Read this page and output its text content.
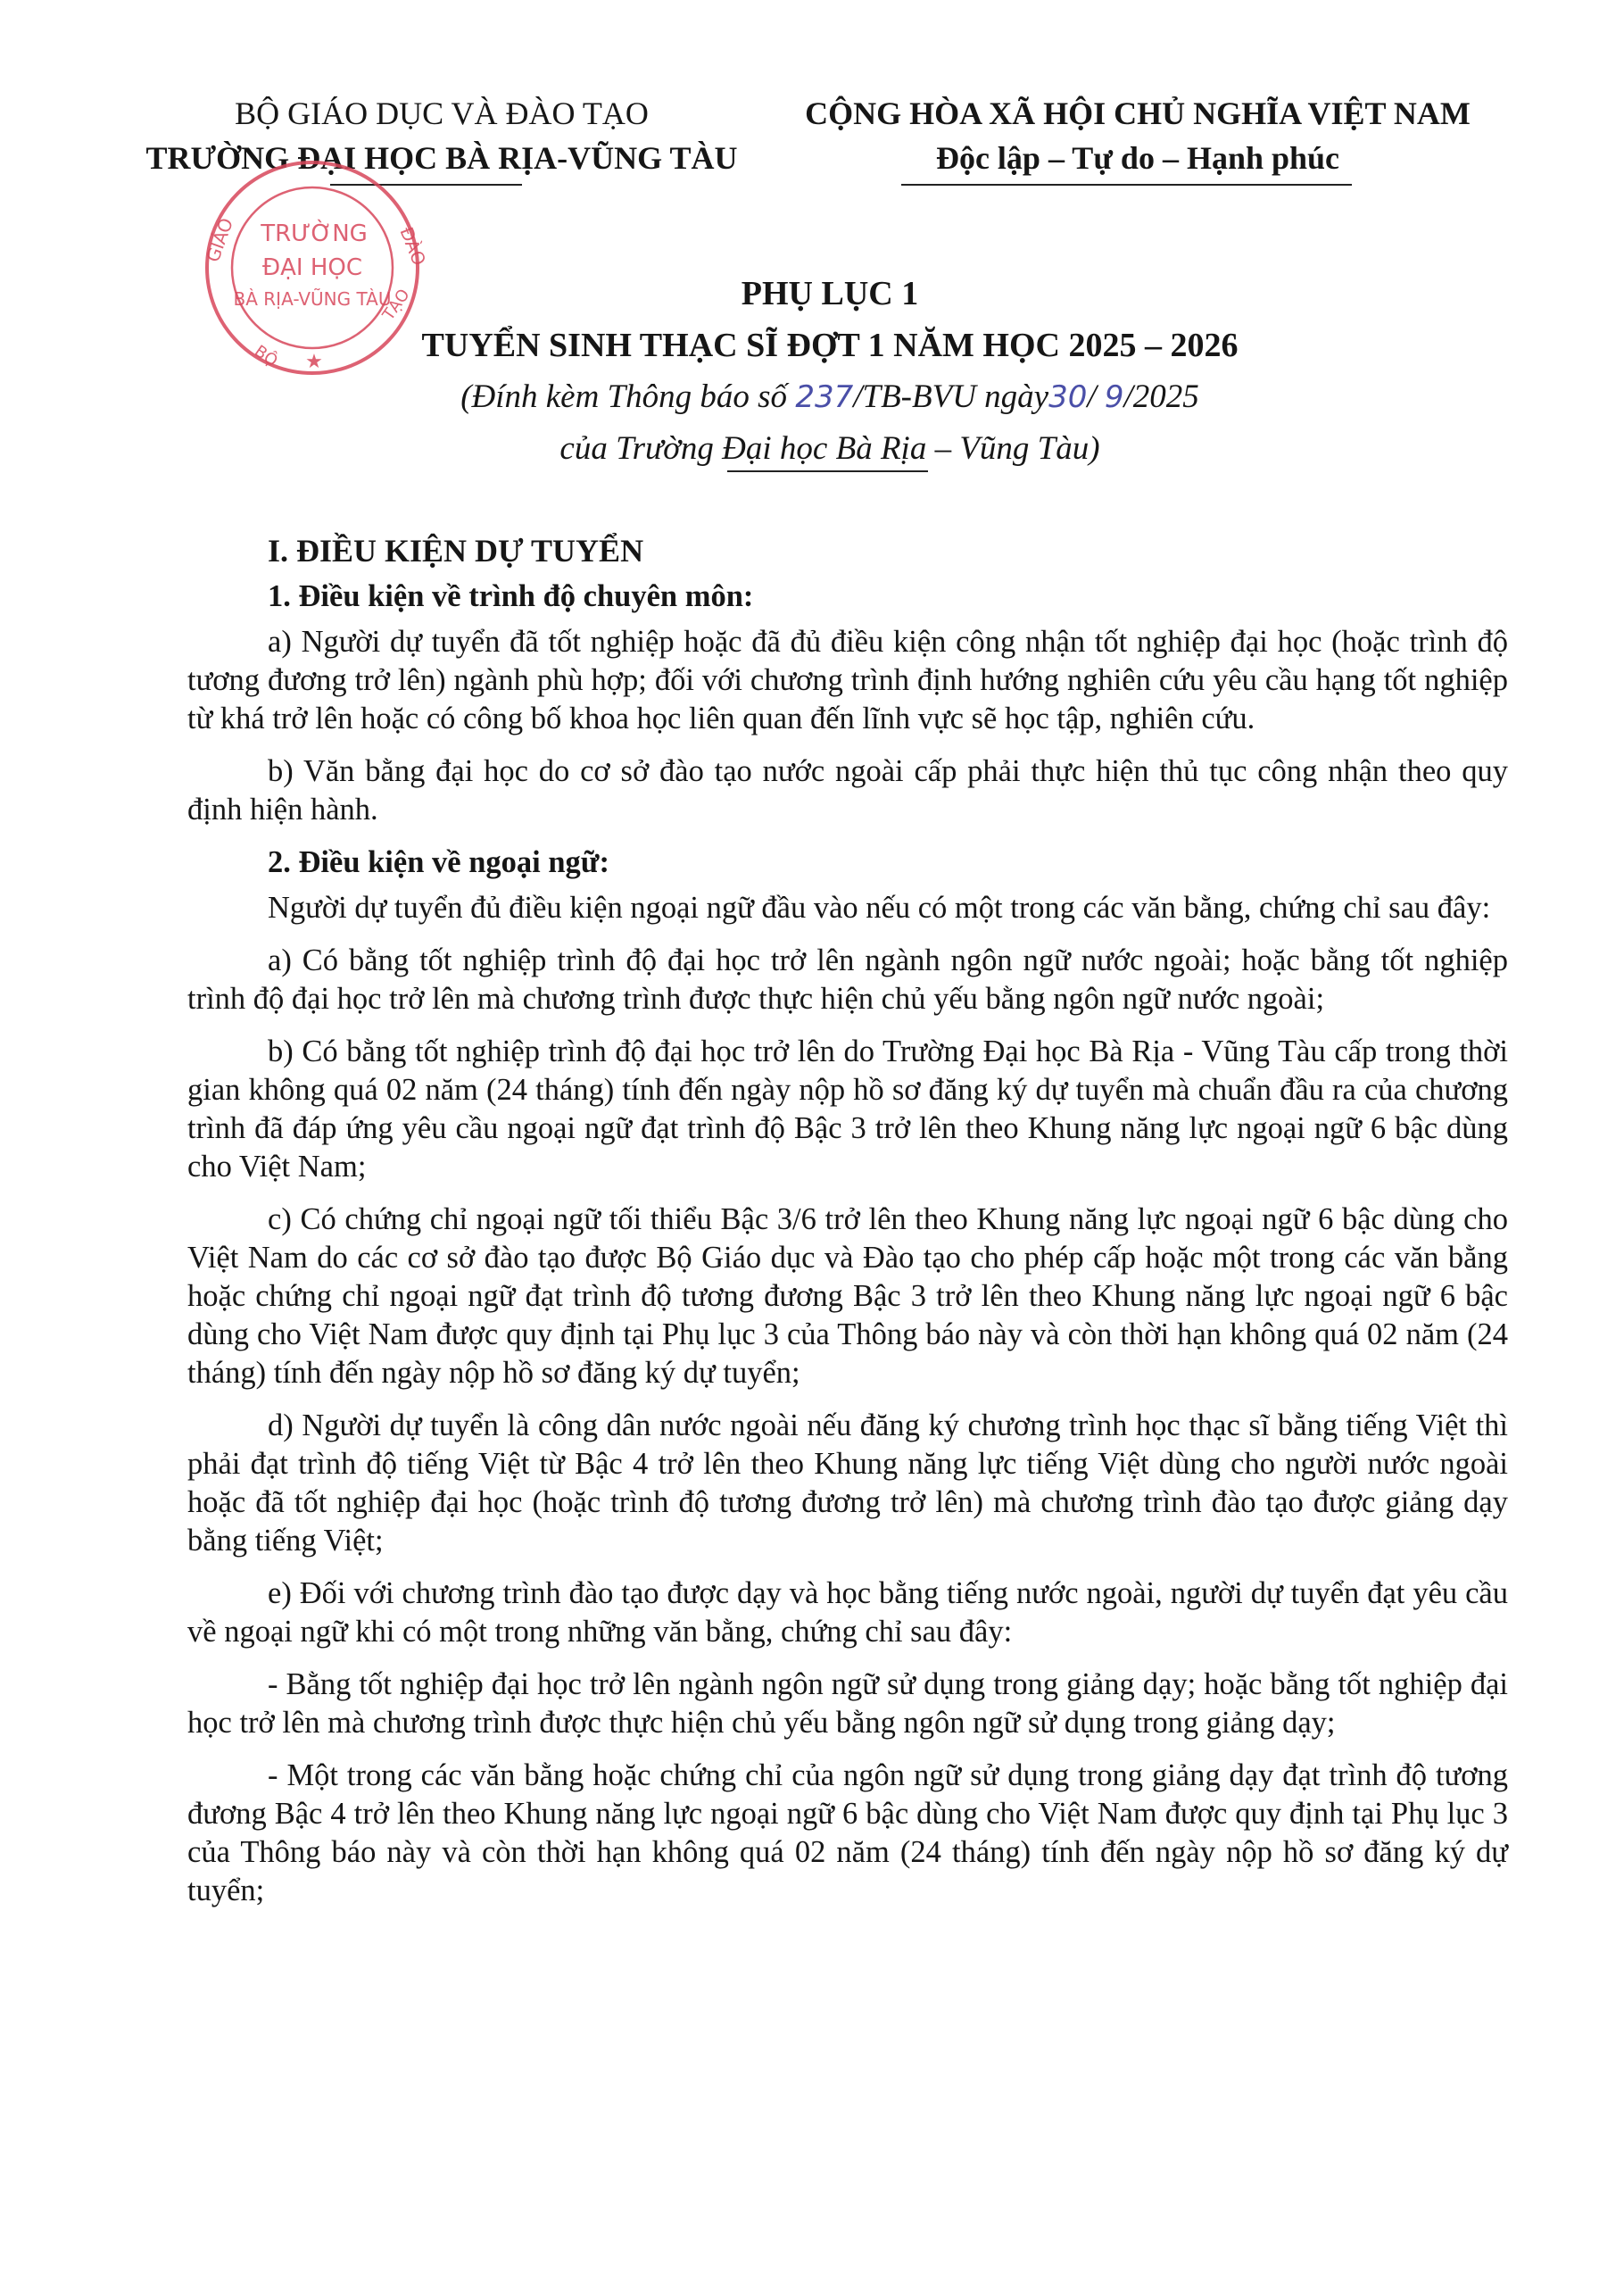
BỘ GIÁO DỤC VÀ ĐÀO TẠO
TRƯỜNG ĐẠI HỌC BÀ RỊA-VŨNG TÀU
CỘNG HÒA XÃ HỘI CHỦ NGHĨA VIỆT NAM
Độc lập – Tự do – Hạnh phúc
GIÁO	ĐÀO
BỘ
TẠO
TRƯỜNG
ĐẠI HỌC
BÀ RỊA-VŨNG TÀU
★
PHỤ LỤC 1
TUYỂN SINH THẠC SĨ ĐỢT 1 NĂM HỌC 2025 – 2026
(Đính kèm Thông báo số 237/TB-BVU ngày30/ 9/2025
của Trường Đại học Bà Rịa – Vũng Tàu)

I. ĐIỀU KIỆN DỰ TUYỂN

1. Điều kiện về trình độ chuyên môn:

a) Người dự tuyển đã tốt nghiệp hoặc đã đủ điều kiện công nhận tốt nghiệp đại học (hoặc trình độ tương đương trở lên) ngành phù hợp; đối với chương trình định hướng nghiên cứu yêu cầu hạng tốt nghiệp từ khá trở lên hoặc có công bố khoa học liên quan đến lĩnh vực sẽ học tập, nghiên cứu.

b) Văn bằng đại học do cơ sở đào tạo nước ngoài cấp phải thực hiện thủ tục công nhận theo quy định hiện hành.

2. Điều kiện về ngoại ngữ:

Người dự tuyển đủ điều kiện ngoại ngữ đầu vào nếu có một trong các văn bằng, chứng chỉ sau đây:

a) Có bằng tốt nghiệp trình độ đại học trở lên ngành ngôn ngữ nước ngoài; hoặc bằng tốt nghiệp trình độ đại học trở lên mà chương trình được thực hiện chủ yếu bằng ngôn ngữ nước ngoài;

b) Có bằng tốt nghiệp trình độ đại học trở lên do Trường Đại học Bà Rịa - Vũng Tàu cấp trong thời gian không quá 02 năm (24 tháng) tính đến ngày nộp hồ sơ đăng ký dự tuyển mà chuẩn đầu ra của chương trình đã đáp ứng yêu cầu ngoại ngữ đạt trình độ Bậc 3 trở lên theo Khung năng lực ngoại ngữ 6 bậc dùng cho Việt Nam;

c) Có chứng chỉ ngoại ngữ tối thiểu Bậc 3/6 trở lên theo Khung năng lực ngoại ngữ 6 bậc dùng cho Việt Nam do các cơ sở đào tạo được Bộ Giáo dục và Đào tạo cho phép cấp hoặc một trong các văn bằng hoặc chứng chỉ ngoại ngữ đạt trình độ tương đương Bậc 3 trở lên theo Khung năng lực ngoại ngữ 6 bậc dùng cho Việt Nam được quy định tại Phụ lục 3 của Thông báo này và còn thời hạn không quá 02 năm (24 tháng) tính đến ngày nộp hồ sơ đăng ký dự tuyển;

d) Người dự tuyển là công dân nước ngoài nếu đăng ký chương trình học thạc sĩ bằng tiếng Việt thì phải đạt trình độ tiếng Việt từ Bậc 4 trở lên theo Khung năng lực tiếng Việt dùng cho người nước ngoài hoặc đã tốt nghiệp đại học (hoặc trình độ tương đương trở lên) mà chương trình đào tạo được giảng dạy bằng tiếng Việt;

e) Đối với chương trình đào tạo được dạy và học bằng tiếng nước ngoài, người dự tuyển đạt yêu cầu về ngoại ngữ khi có một trong những văn bằng, chứng chỉ sau đây:

- Bằng tốt nghiệp đại học trở lên ngành ngôn ngữ sử dụng trong giảng dạy; hoặc bằng tốt nghiệp đại học trở lên mà chương trình được thực hiện chủ yếu bằng ngôn ngữ sử dụng trong giảng dạy;

- Một trong các văn bằng hoặc chứng chỉ của ngôn ngữ sử dụng trong giảng dạy đạt trình độ tương đương Bậc 4 trở lên theo Khung năng lực ngoại ngữ 6 bậc dùng cho Việt Nam được quy định tại Phụ lục 3 của Thông báo này và còn thời hạn không quá 02 năm (24 tháng) tính đến ngày nộp hồ sơ đăng ký dự tuyển;
